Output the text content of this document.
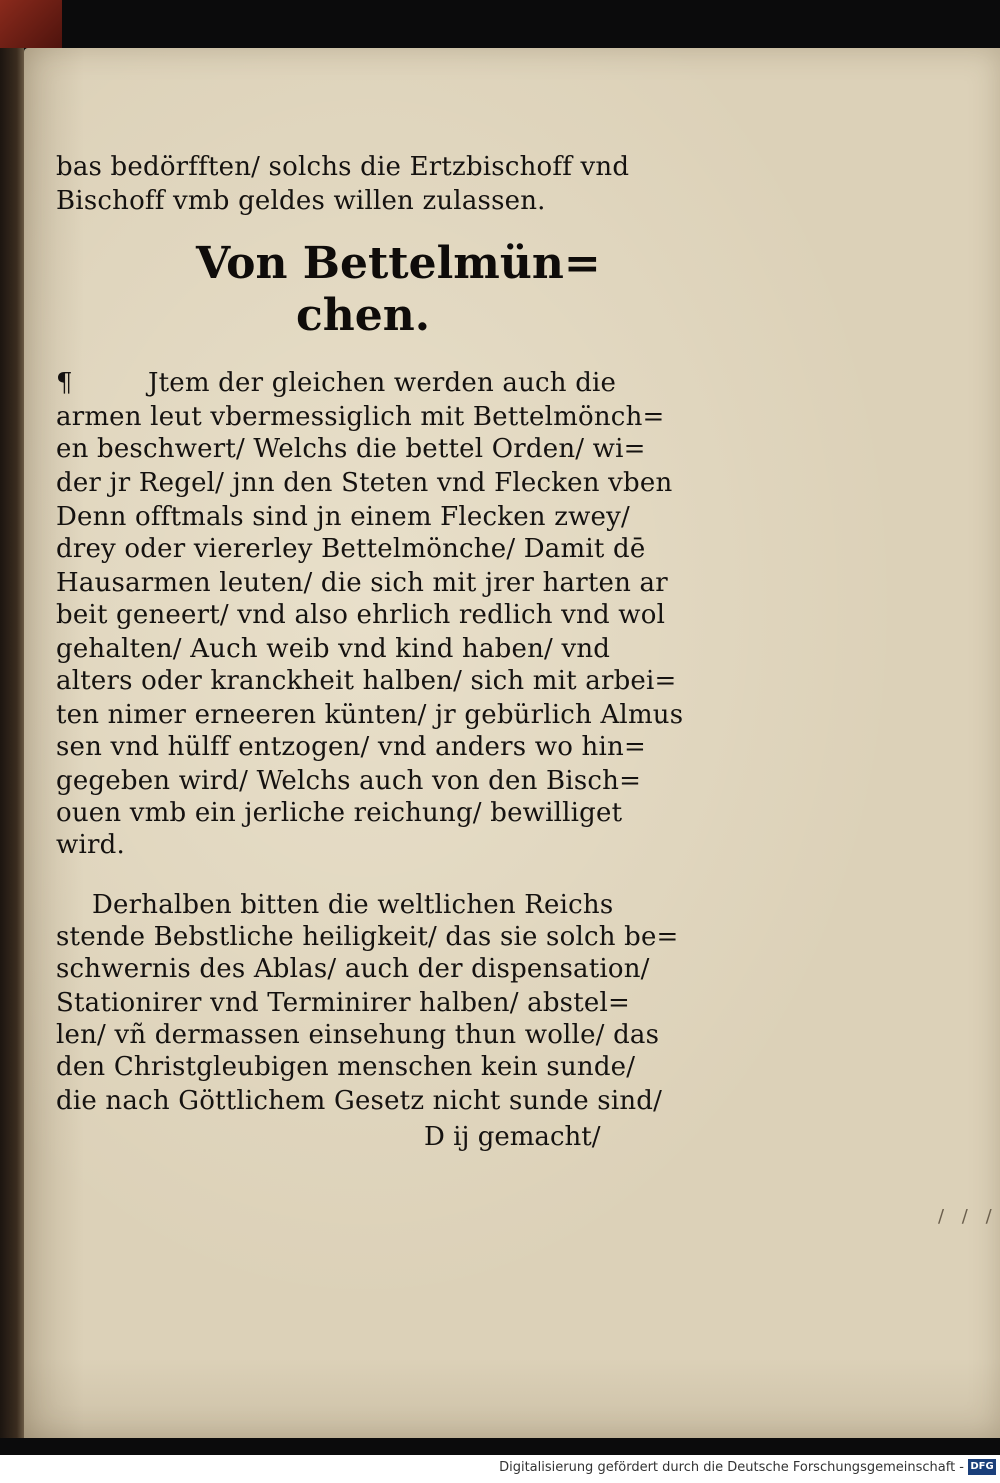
bas bedörfften/ solchs die Ertzbischoff vnd
Bischoff vmb geldes willen zulassen.
Von Bettelmün=
chen.
¶	Jtem der gleichen werden auch die
armen leut vbermessiglich mit Bettelmönch=
en beschwert/ Welchs die bettel Orden/ wi=
der jr Regel/ jnn den Steten vnd Flecken vben
Denn offtmals sind jn einem Flecken zwey/
drey oder viererley Bettelmönche/ Damit dē
Hausarmen leuten/ die sich mit jrer harten ar
beit geneert/ vnd also ehrlich redlich vnd wol
gehalten/ Auch weib vnd kind haben/ vnd
alters oder kranckheit halben/ sich mit arbei=
ten nimer erneeren künten/ jr gebürlich Almus
sen vnd hülff entzogen/ vnd anders wo hin=
gegeben wird/ Welchs auch von den Bisch=
ouen vmb ein jerliche reichung/ bewilliget
wird.
Derhalben bitten die weltlichen Reichs
stende Bebstliche heiligkeit/ das sie solch be=
schwernis des Ablas/ auch der dispensation/
Stationirer vnd Terminirer halben/ abstel=
len/ vñ dermassen einsehung thun wolle/ das
den Christgleubigen menschen kein sunde/
die nach Göttlichem Gesetz nicht sunde sind/
D ij gemacht/
/ / /
Digitalisierung gefördert durch die Deutsche Forschungsgemeinschaft - DFG
